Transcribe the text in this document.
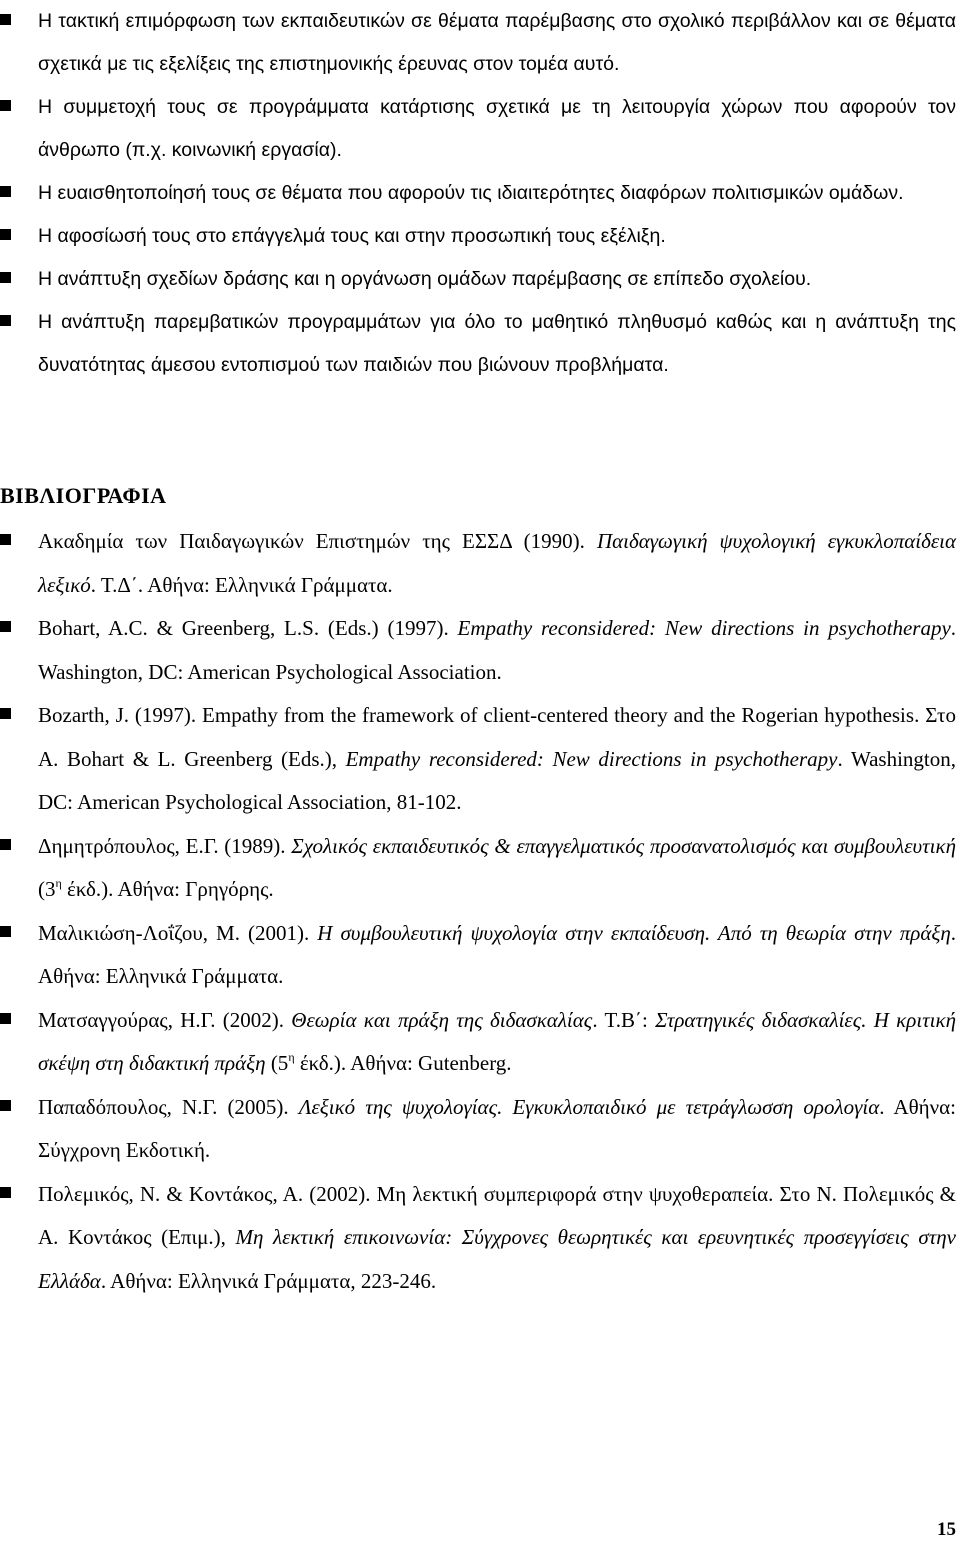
Η τακτική επιμόρφωση των εκπαιδευτικών σε θέματα παρέμβασης στο σχολικό περιβάλλον και σε θέματα σχετικά με τις εξελίξεις της επιστημονικής έρευνας στον τομέα αυτό.
Η συμμετοχή τους σε προγράμματα κατάρτισης σχετικά με τη λειτουργία χώρων που αφορούν τον άνθρωπο (π.χ. κοινωνική εργασία).
Η ευαισθητοποίησή τους σε θέματα που αφορούν τις ιδιαιτερότητες διαφόρων πολιτισμικών ομάδων.
Η αφοσίωσή τους στο επάγγελμά τους και στην προσωπική τους εξέλιξη.
Η ανάπτυξη σχεδίων δράσης και η οργάνωση ομάδων παρέμβασης σε επίπεδο σχολείου.
Η ανάπτυξη παρεμβατικών προγραμμάτων για όλο το μαθητικό πληθυσμό καθώς και η ανάπτυξη της δυνατότητας άμεσου εντοπισμού των παιδιών που βιώνουν προβλήματα.
ΒΙΒΛΙΟΓΡΑΦΙΑ
Ακαδημία των Παιδαγωγικών Επιστημών της ΕΣΣΔ (1990). Παιδαγωγική ψυχολογική εγκυκλοπαίδεια λεξικό. Τ.Δ΄. Αθήνα: Ελληνικά Γράμματα.
Bohart, A.C. & Greenberg, L.S. (Eds.) (1997). Empathy reconsidered: New directions in psychotherapy. Washington, DC: American Psychological Association.
Bozarth, J. (1997). Empathy from the framework of client-centered theory and the Rogerian hypothesis. Στο A. Bohart & L. Greenberg (Eds.), Empathy reconsidered: New directions in psychotherapy. Washington, DC: American Psychological Association, 81-102.
Δημητρόπουλος, Ε.Γ. (1989). Σχολικός εκπαιδευτικός & επαγγελματικός προσανατολισμός και συμβουλευτική ($3^\eta$ έκδ.). Αθήνα: Γρηγόρης.
Μαλικιώση-Λοΐζου, Μ. (2001). Η συμβουλευτική ψυχολογία στην εκπαίδευση. Από τη θεωρία στην πράξη. Αθήνα: Ελληνικά Γράμματα.
Ματσαγγούρας, Η.Γ. (2002). Θεωρία και πράξη της διδασκαλίας. Τ.Β΄: Στρατηγικές διδασκαλίες. Η κριτική σκέψη στη διδακτική πράξη ($5^\eta$ έκδ.). Αθήνα: Gutenberg.
Παπαδόπουλος, Ν.Γ. (2005). Λεξικό της ψυχολογίας. Εγκυκλοπαιδικό με τετράγλωσση ορολογία. Αθήνα: Σύγχρονη Εκδοτική.
Πολεμικός, Ν. & Κοντάκος, Α. (2002). Μη λεκτική συμπεριφορά στην ψυχοθεραπεία. Στο Ν. Πολεμικός & Α. Κοντάκος (Επιμ.), Μη λεκτική επικοινωνία: Σύγχρονες θεωρητικές και ερευνητικές προσεγγίσεις στην Ελλάδα. Αθήνα: Ελληνικά Γράμματα, 223-246.
15
